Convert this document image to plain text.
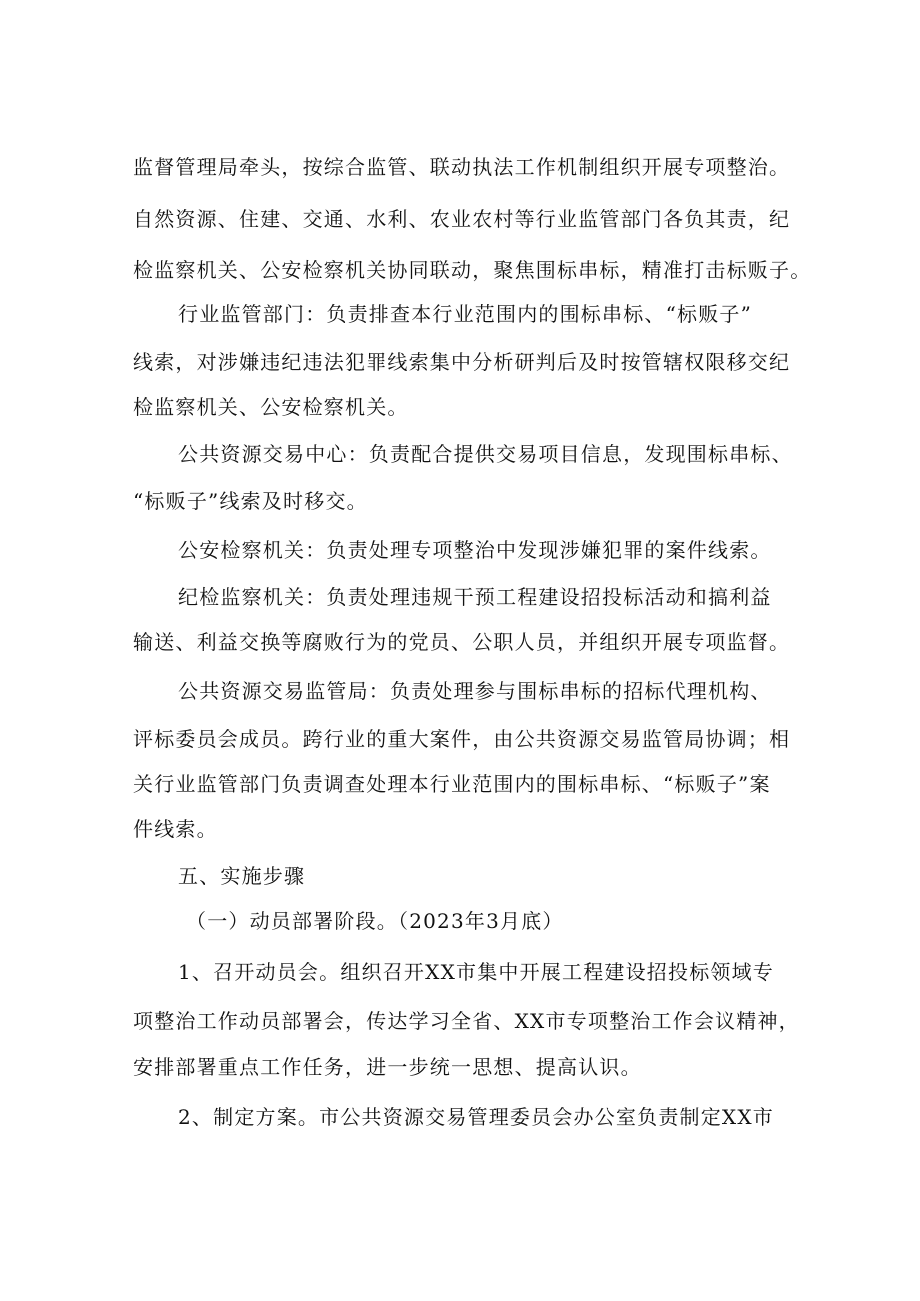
监督管理局牵头，按综合监管、联动执法工作机制组织开展专项整治。
自然资源、住建、交通、水利、农业农村等行业监管部门各负其责，纪
检监察机关、公安检察机关协同联动，聚焦围标串标，精准打击标贩子。
行业监管部门：负责排查本行业范围内的围标串标、“标贩子”
线索，对涉嫌违纪违法犯罪线索集中分析研判后及时按管辖权限移交纪
检监察机关、公安检察机关。
公共资源交易中心：负责配合提供交易项目信息，发现围标串标、
“标贩子”线索及时移交。
公安检察机关：负责处理专项整治中发现涉嫌犯罪的案件线索。
纪检监察机关：负责处理违规干预工程建设招投标活动和搞利益
输送、利益交换等腐败行为的党员、公职人员，并组织开展专项监督。
公共资源交易监管局：负责处理参与围标串标的招标代理机构、
评标委员会成员。跨行业的重大案件，由公共资源交易监管局协调；相
关行业监管部门负责调查处理本行业范围内的围标串标、“标贩子”案
件线索。
五、实施步骤
（一）动员部署阶段。（2023年3月底）
1、召开动员会。组织召开XX市集中开展工程建设招投标领域专
项整治工作动员部署会，传达学习全省、XX市专项整治工作会议精神，
安排部署重点工作任务，进一步统一思想、提高认识。
2、制定方案。市公共资源交易管理委员会办公室负责制定XX市
